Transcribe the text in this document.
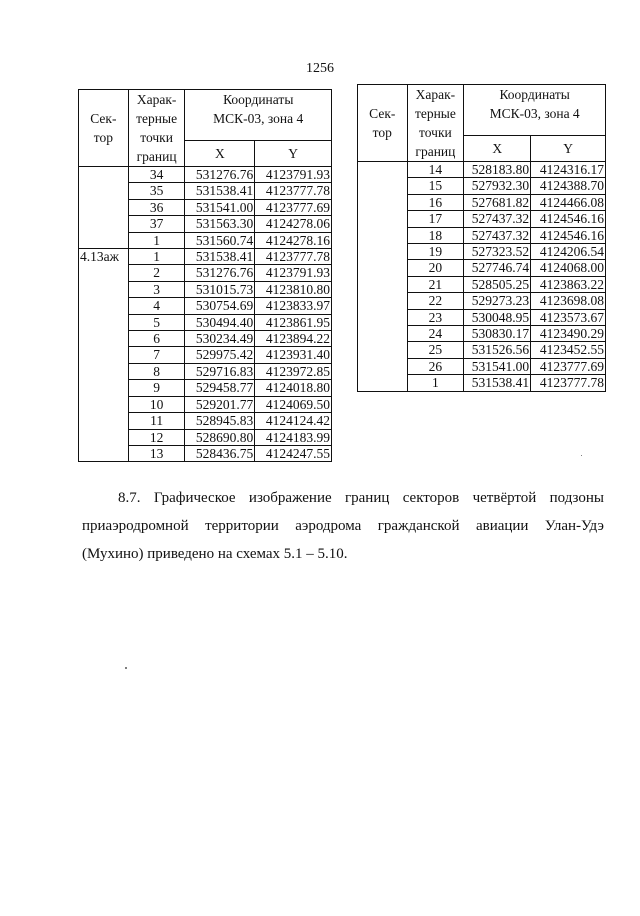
1256
Сек-
тор	Харак-
терные
точки
границ	Координаты
МСК-03, зона 4	
		X	Y
	34	531276.76	4123791.93
	35	531538.41	4123777.78
	36	531541.00	4123777.69
	37	531563.30	4124278.06
	1	531560.74	4124278.16
4.13аж	1	531538.41	4123777.78
	2	531276.76	4123791.93
	3	531015.73	4123810.80
	4	530754.69	4123833.97
	5	530494.40	4123861.95
	6	530234.49	4123894.22
	7	529975.42	4123931.40
	8	529716.83	4123972.85
	9	529458.77	4124018.80
	10	529201.77	4124069.50
	11	528945.83	4124124.42
	12	528690.80	4124183.99
	13	528436.75	4124247.55
Сек-
тор	Харак-
терные
точки
границ	Координаты
МСК-03, зона 4	
		X	Y
	14	528183.80	4124316.17
	15	527932.30	4124388.70
	16	527681.82	4124466.08
	17	527437.32	4124546.16
	18	527437.32	4124546.16
	19	527323.52	4124206.54
	20	527746.74	4124068.00
	21	528505.25	4123863.22
	22	529273.23	4123698.08
	23	530048.95	4123573.67
	24	530830.17	4123490.29
	25	531526.56	4123452.55
	26	531541.00	4123777.69
	1	531538.41	4123777.78

8.7. Графическое изображение границ секторов четвёртой подзоны приаэродромной территории аэродрома гражданской авиации Улан-Удэ (Мухино) приведено на схемах 5.1 – 5.10.
